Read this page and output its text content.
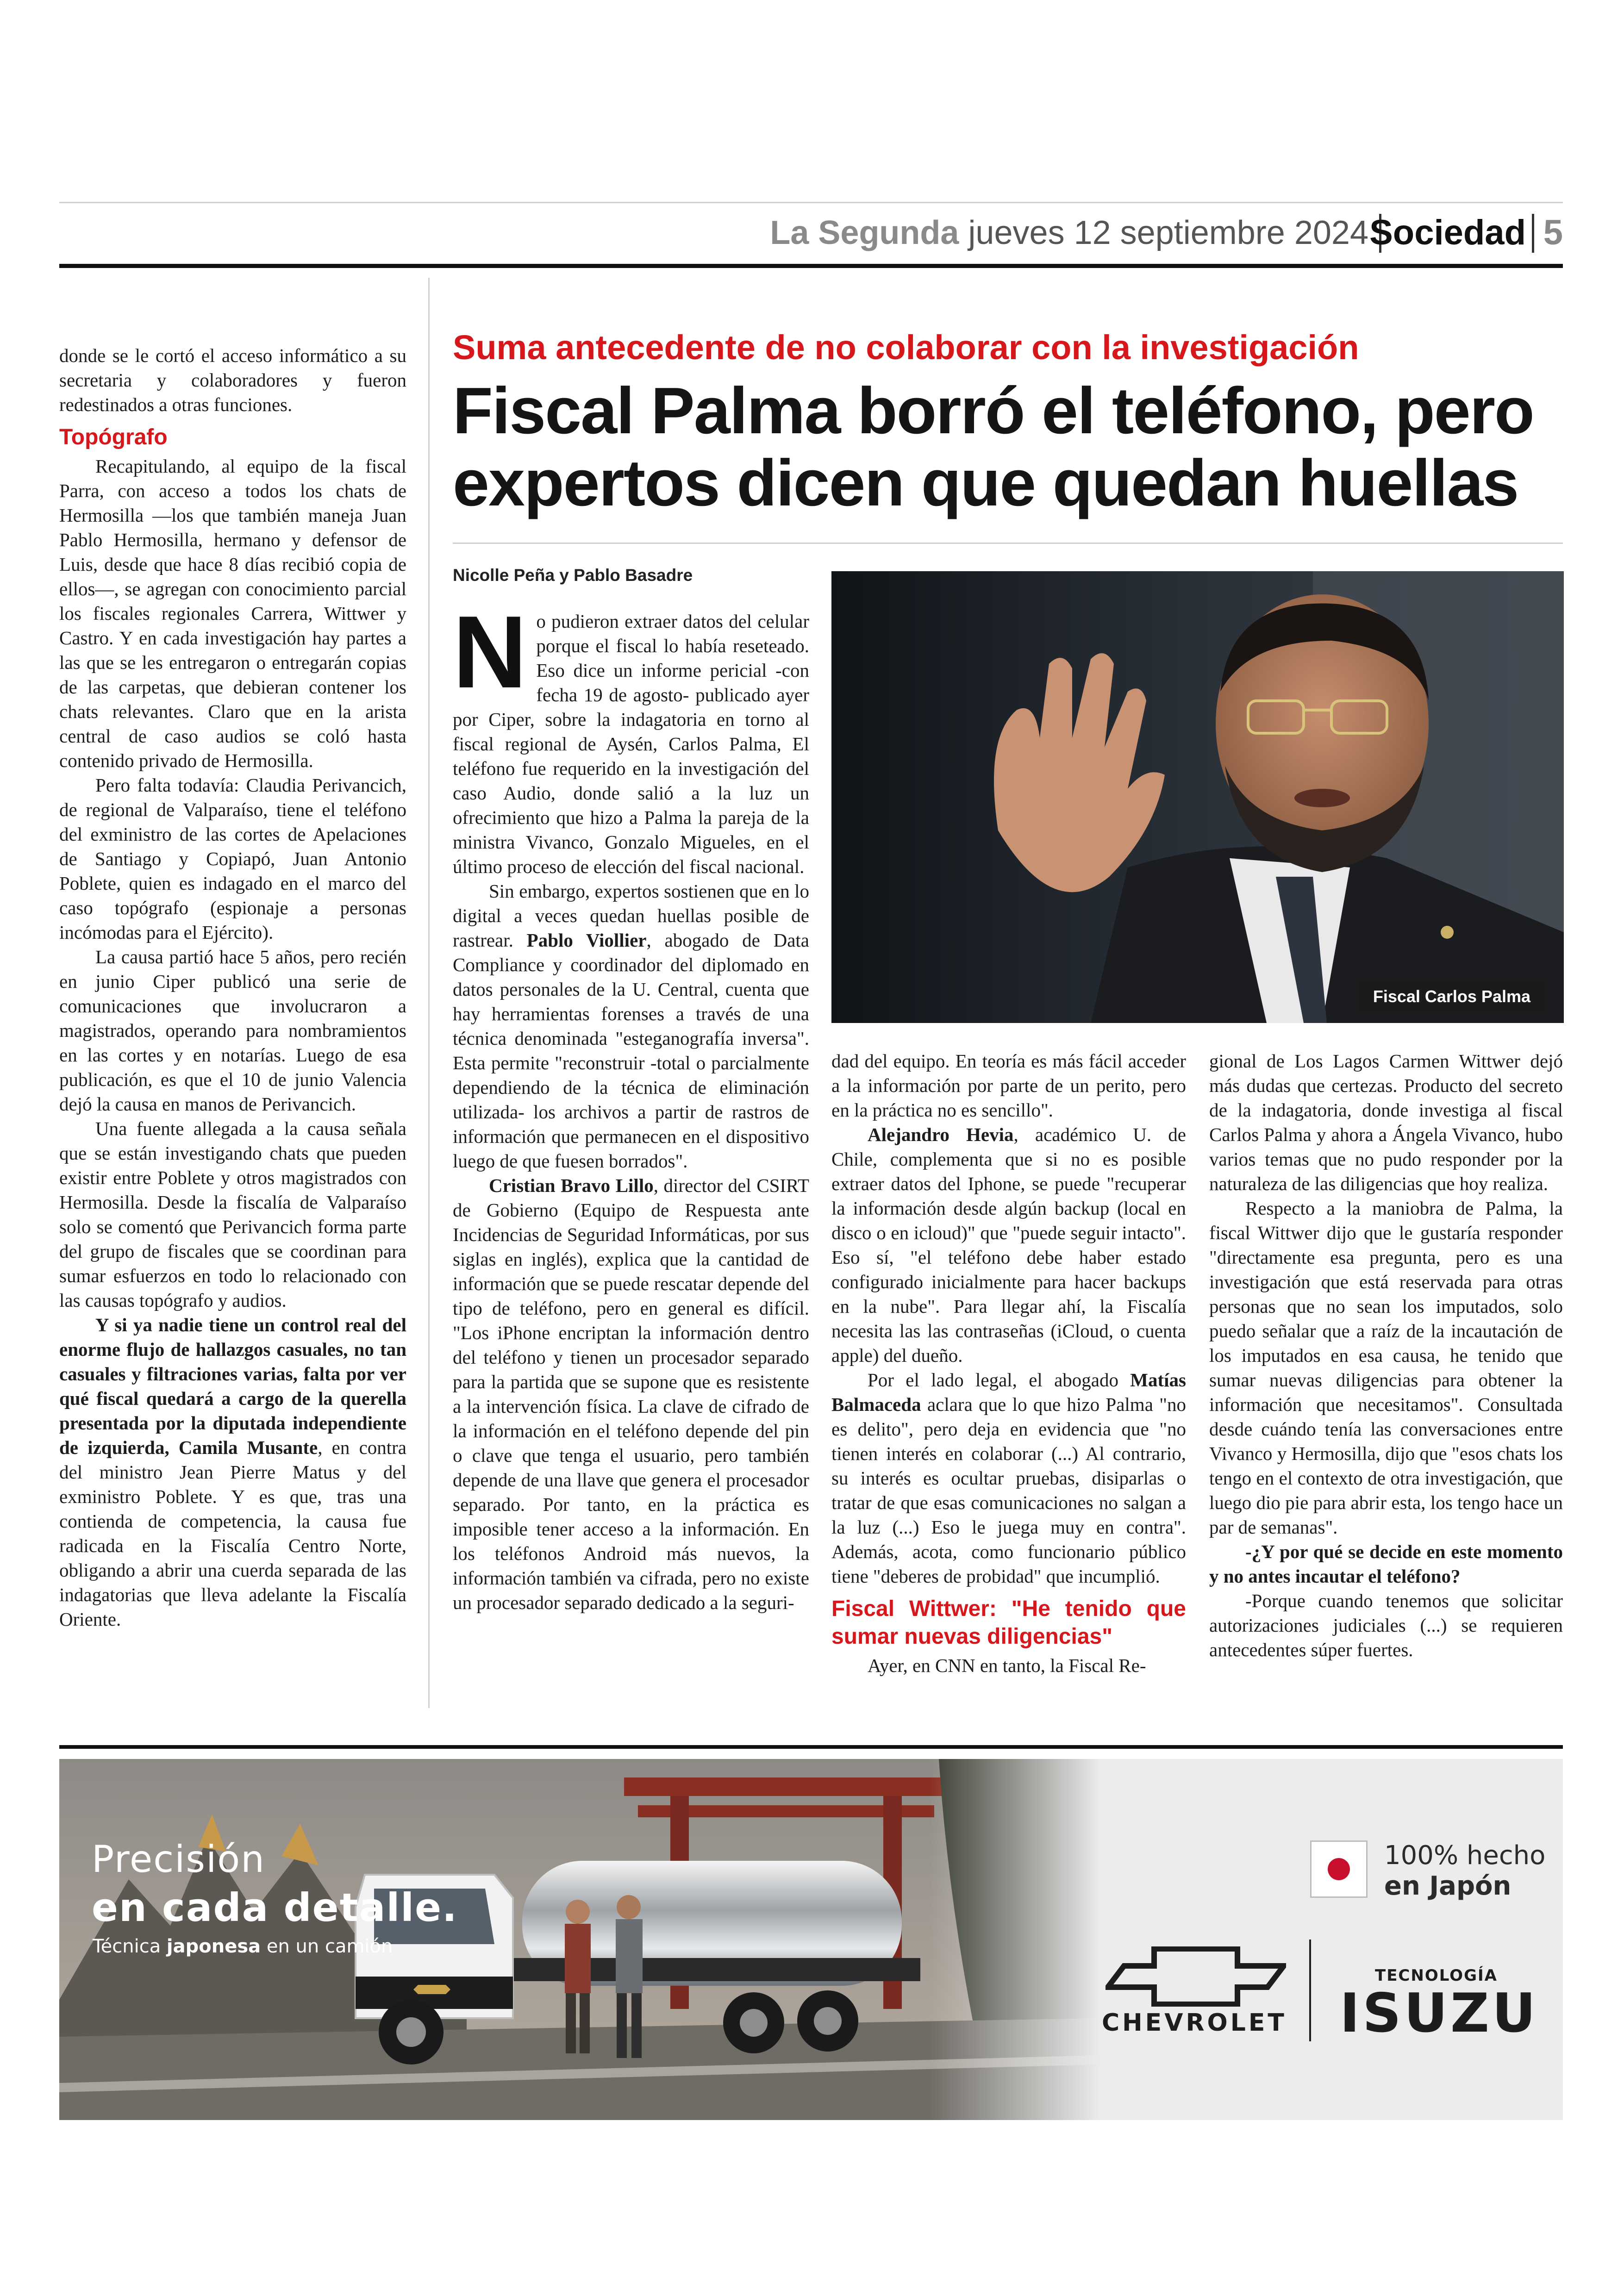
La Segunda jueves 12 septiembre 2024 Sociedad 5

donde se le cortó el acceso informático a su secretaria y colaboradores y fueron redestinados a otras funciones.

Topógrafo

Recapitulando, al equipo de la fiscal Parra, con acceso a todos los chats de Hermosilla —los que también maneja Juan Pablo Hermosilla, hermano y defensor de Luis, desde que hace 8 días recibió copia de ellos—, se agregan con conocimiento parcial los fiscales regionales Carrera, Wittwer y Castro. Y en cada investigación hay partes a las que se les entregaron o entregarán copias de las carpetas, que debieran contener los chats relevantes. Claro que en la arista central de caso audios se coló hasta contenido privado de Hermosilla.

Pero falta todavía: Claudia Perivancich, de regional de Valparaíso, tiene el teléfono del exministro de las cortes de Apelaciones de Santiago y Copiapó, Juan Antonio Poblete, quien es indagado en el marco del caso topógrafo (espionaje a personas incómodas para el Ejército).

La causa partió hace 5 años, pero recién en junio Ciper publicó una serie de comunicaciones que involucraron a magistrados, operando para nombramientos en las cortes y en notarías. Luego de esa publicación, es que el 10 de junio Valencia dejó la causa en manos de Perivancich.

Una fuente allegada a la causa señala que se están investigando chats que pueden existir entre Poblete y otros magistrados con Hermosilla. Desde la fiscalía de Valparaíso solo se comentó que Perivancich forma parte del grupo de fiscales que se coordinan para sumar esfuerzos en todo lo relacionado con las causas topógrafo y audios.

Y si ya nadie tiene un control real del enorme flujo de hallazgos casuales, no tan casuales y filtraciones varias, falta por ver qué fiscal quedará a cargo de la querella presentada por la diputada independiente de izquierda, Camila Musante, en contra del ministro Jean Pierre Matus y del exministro Poblete. Y es que, tras una contienda de competencia, la causa fue radicada en la Fiscalía Centro Norte, obligando a abrir una cuerda separada de las indagatorias que lleva adelante la Fiscalía Oriente.

Suma antecedente de no colaborar con la investigación
Fiscal Palma borró el teléfono, pero expertos dicen que quedan huellas
Nicolle Peña y Pablo Basadre
Fiscal Carlos Palma

No pudieron extraer datos del celular porque el fiscal lo había reseteado. Eso dice un informe pericial -con fecha 19 de agosto- publicado ayer por Ciper, sobre la indagatoria en torno al fiscal regional de Aysén, Carlos Palma, El teléfono fue requerido en la investigación del caso Audio, donde salió a la luz un ofrecimiento que hizo a Palma la pareja de la ministra Vivanco, Gonzalo Migueles, en el último proceso de elección del fiscal nacional.

Sin embargo, expertos sostienen que en lo digital a veces quedan huellas posible de rastrear. Pablo Viollier, abogado de Data Compliance y coordinador del diplomado en datos personales de la U. Central, cuenta que hay herramientas forenses a través de una técnica denominada "esteganografía inversa". Esta permite "reconstruir -total o parcialmente dependiendo de la técnica de eliminación utilizada- los archivos a partir de rastros de información que permanecen en el dispositivo luego de que fuesen borrados".

Cristian Bravo Lillo, director del CSIRT de Gobierno (Equipo de Respuesta ante Incidencias de Seguridad Informáticas, por sus siglas en inglés), explica que la cantidad de información que se puede rescatar depende del tipo de teléfono, pero en general es difícil. "Los iPhone encriptan la información dentro del teléfono y tienen un procesador separado para la partida que se supone que es resistente a la intervención física. La clave de cifrado de la información en el teléfono depende del pin o clave que tenga el usuario, pero también depende de una llave que genera el procesador separado. Por tanto, en la práctica es imposible tener acceso a la información. En los teléfonos Android más nuevos, la información también va cifrada, pero no existe un procesador separado dedicado a la seguri-

dad del equipo. En teoría es más fácil acceder a la información por parte de un perito, pero en la práctica no es sencillo".

Alejandro Hevia, académico U. de Chile, complementa que si no es posible extraer datos del Iphone, se puede "recuperar la información desde algún backup (local en disco o en icloud)" que "puede seguir intacto". Eso sí, "el teléfono debe haber estado configurado inicialmente para hacer backups en la nube". Para llegar ahí, la Fiscalía necesita las las contraseñas (iCloud, o cuenta apple) del dueño.

Por el lado legal, el abogado Matías Balmaceda aclara que lo que hizo Palma "no es delito", pero deja en evidencia que "no tienen interés en colaborar (...) Al contrario, su interés es ocultar pruebas, disiparlas o tratar de que esas comunicaciones no salgan a la luz (...) Eso le juega muy en contra". Además, acota, como funcionario público tiene "deberes de probidad" que incumplió.

Fiscal Wittwer: "He tenido que sumar nuevas diligencias"

Ayer, en CNN en tanto, la Fiscal Re-

gional de Los Lagos Carmen Wittwer dejó más dudas que certezas. Producto del secreto de la indagatoria, donde investiga al fiscal Carlos Palma y ahora a Ángela Vivanco, hubo varios temas que no pudo responder por la naturaleza de las diligencias que hoy realiza.

Respecto a la maniobra de Palma, la fiscal Wittwer dijo que le gustaría responder "directamente esa pregunta, pero es una investigación que está reservada para otras personas que no sean los imputados, solo puedo señalar que a raíz de la incautación de los imputados en esa causa, he tenido que sumar nuevas diligencias para obtener la información que necesitamos". Consultada desde cuándo tenía las conversaciones entre Vivanco y Hermosilla, dijo que "esos chats los tengo en el contexto de otra investigación, que luego dio pie para abrir esta, los tengo hace un par de semanas".

-¿Y por qué se decide en este momento y no antes incautar el teléfono?

-Porque cuando tenemos que solicitar autorizaciones judiciales (...) se requieren antecedentes súper fuertes.

Precisión
en cada detalle.
Técnica japonesa en un camión
100% hecho
en Japón
CHEVROLET
TECNOLOGÍA
ISUZU
